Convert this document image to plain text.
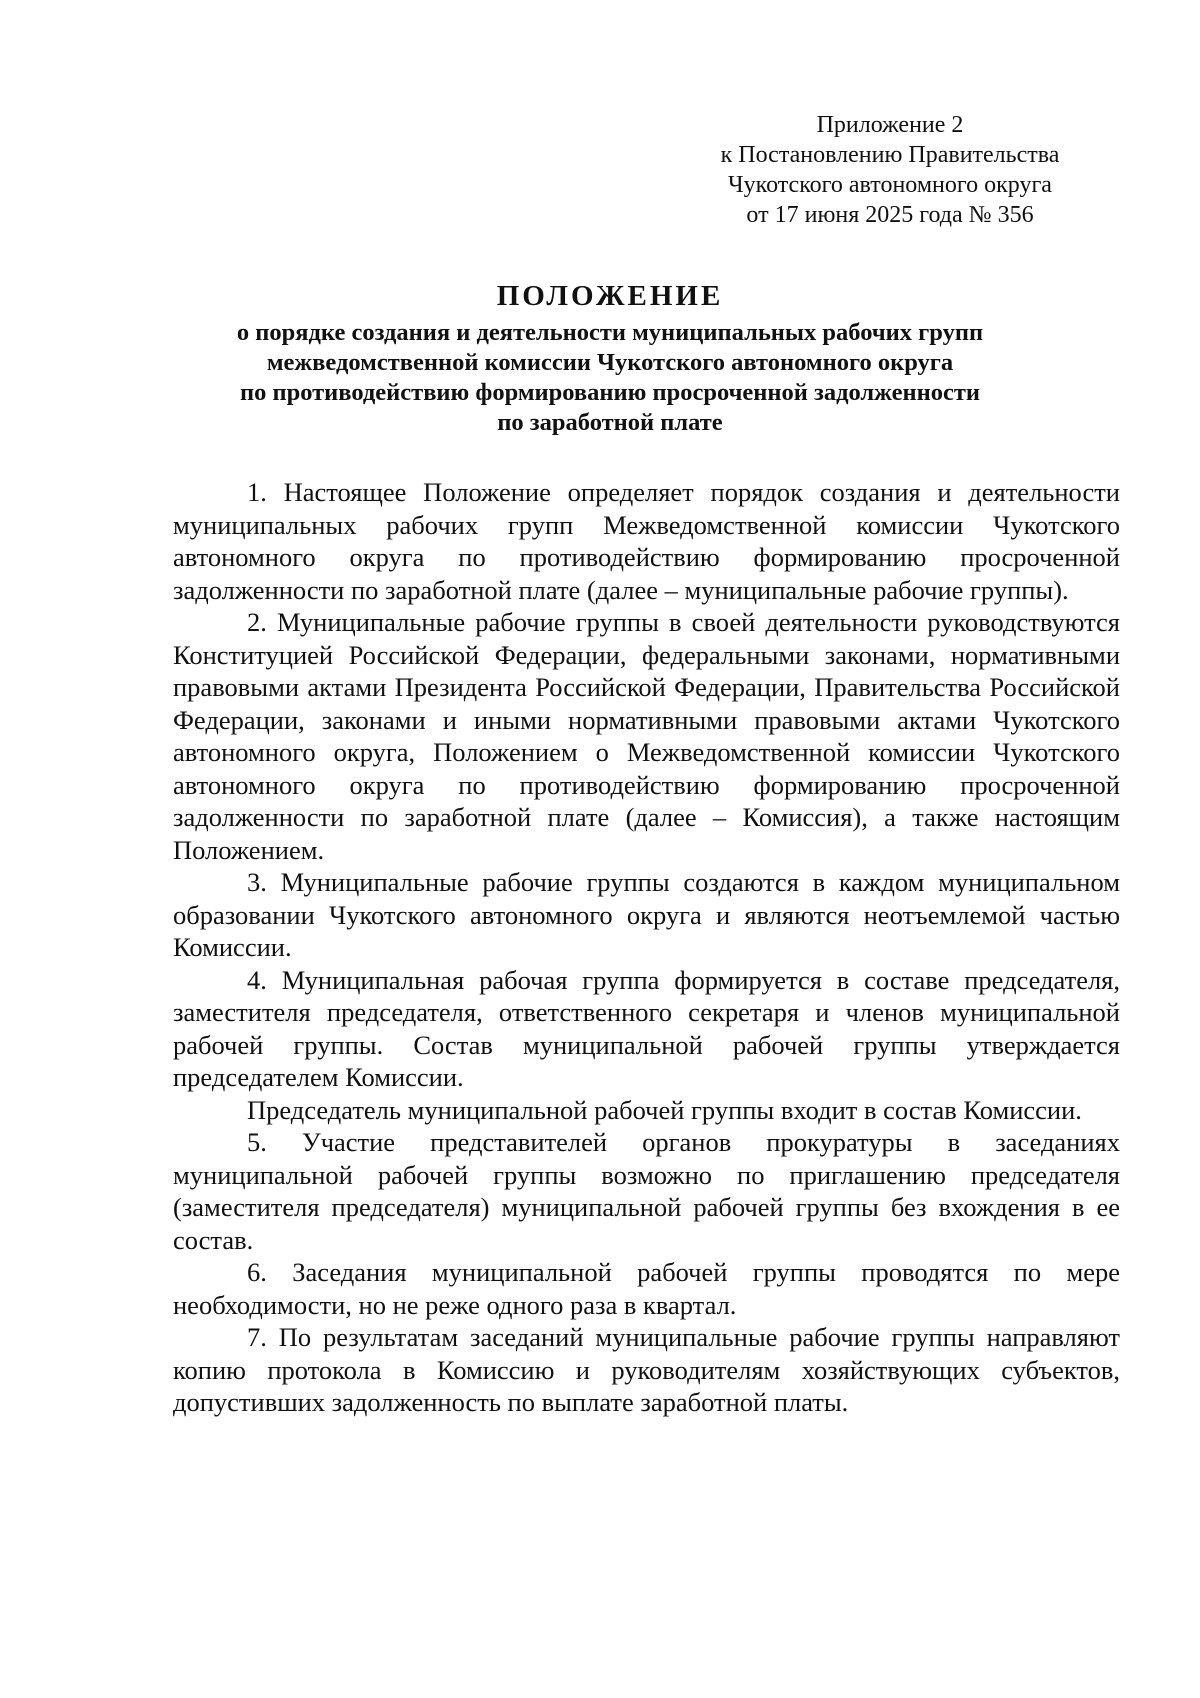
Приложение 2
к Постановлению Правительства
Чукотского автономного округа
от 17 июня 2025 года № 356
ПОЛОЖЕНИЕ
о порядке создания и деятельности муниципальных рабочих групп
межведомственной комиссии Чукотского автономного округа
по противодействию формированию просроченной задолженности
по заработной плате

1. Настоящее Положение определяет порядок создания и деятельности муниципальных рабочих групп Межведомственной комиссии Чукотского автономного округа по противодействию формированию просроченной задолженности по заработной плате (далее – муниципальные рабочие группы).

2. Муниципальные рабочие группы в своей деятельности руководствуются Конституцией Российской Федерации, федеральными законами, нормативными правовыми актами Президента Российской Федерации, Правительства Российской Федерации, законами и иными нормативными правовыми актами Чукотского автономного округа, Положением о Межведомственной комиссии Чукотского автономного округа по противодействию формированию просроченной задолженности по заработной плате (далее – Комиссия), а также настоящим Положением.

3. Муниципальные рабочие группы создаются в каждом муниципальном образовании Чукотского автономного округа и являются неотъемлемой частью Комиссии.

4. Муниципальная рабочая группа формируется в составе председателя, заместителя председателя, ответственного секретаря и членов муниципальной рабочей группы. Состав муниципальной рабочей группы утверждается председателем Комиссии.

Председатель муниципальной рабочей группы входит в состав Комиссии.

5. Участие представителей органов прокуратуры в заседаниях муниципальной рабочей группы возможно по приглашению председателя (заместителя председателя) муниципальной рабочей группы без вхождения в ее состав.

6. Заседания муниципальной рабочей группы проводятся по мере необходимости, но не реже одного раза в квартал.

7. По результатам заседаний муниципальные рабочие группы направляют копию протокола в Комиссию и руководителям хозяйствующих субъектов, допустивших задолженность по выплате заработной платы.
